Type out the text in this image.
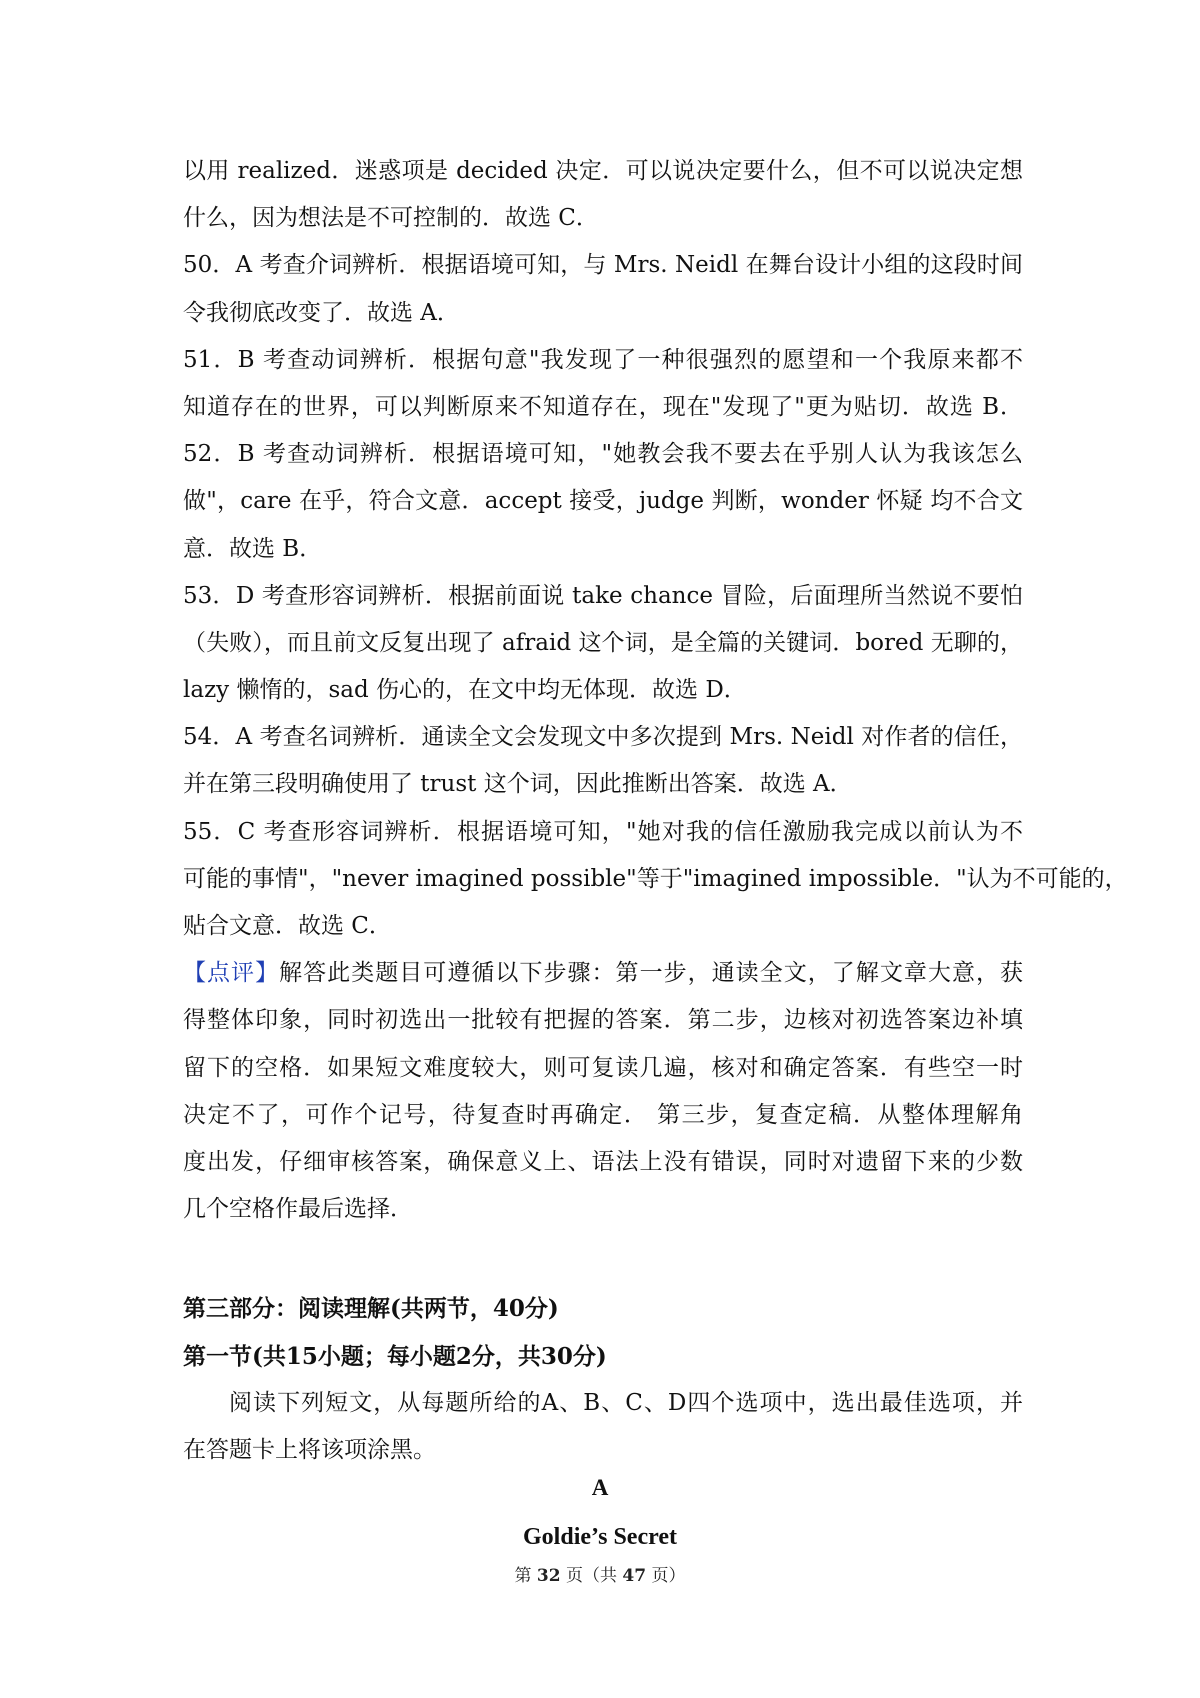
以用 realized．迷惑项是 decided 决定．可以说决定要什么，但不可以说决定想
什么，因为想法是不可控制的．故选 C．
50．A 考查介词辨析．根据语境可知，与 Mrs. Neidl 在舞台设计小组的这段时间
令我彻底改变了．故选 A．
51．B 考查动词辨析．根据句意"我发现了一种很强烈的愿望和一个我原来都不
知道存在的世界，可以判断原来不知道存在，现在"发现了"更为贴切．故选 B．
52．B 考查动词辨析．根据语境可知，"她教会我不要去在乎别人认为我该怎么
做"，care 在乎，符合文意．accept 接受，judge 判断，wonder 怀疑 均不合文
意．故选 B．
53．D 考查形容词辨析．根据前面说 take chance 冒险，后面理所当然说不要怕
（失败），而且前文反复出现了 afraid 这个词，是全篇的关键词．bored 无聊的，
lazy 懒惰的，sad 伤心的，在文中均无体现．故选 D．
54．A 考查名词辨析．通读全文会发现文中多次提到 Mrs. Neidl 对作者的信任，
并在第三段明确使用了 trust 这个词，因此推断出答案．故选 A．
55．C 考查形容词辨析．根据语境可知，"她对我的信任激励我完成以前认为不
可能的事情"，"never imagined possible"等于"imagined impossible．"认为不可能的，
贴合文意．故选 C．
【点评】解答此类题目可遵循以下步骤：第一步，通读全文，了解文章大意，获
得整体印象，同时初选出一批较有把握的答案．第二步，边核对初选答案边补填
留下的空格．如果短文难度较大，则可复读几遍，核对和确定答案．有些空一时
决定不了，可作个记号，待复查时再确定． 第三步，复查定稿．从整体理解角
度出发，仔细审核答案，确保意义上、语法上没有错误，同时对遗留下来的少数
几个空格作最后选择．
第三部分：阅读理解(共两节，40分)
第一节(共15小题；每小题2分，共30分)
阅读下列短文，从每题所给的A、B、C、D四个选项中，选出最佳选项，并
在答题卡上将该项涂黑。
A
Goldie’s Secret
第 32 页（共 47 页）
